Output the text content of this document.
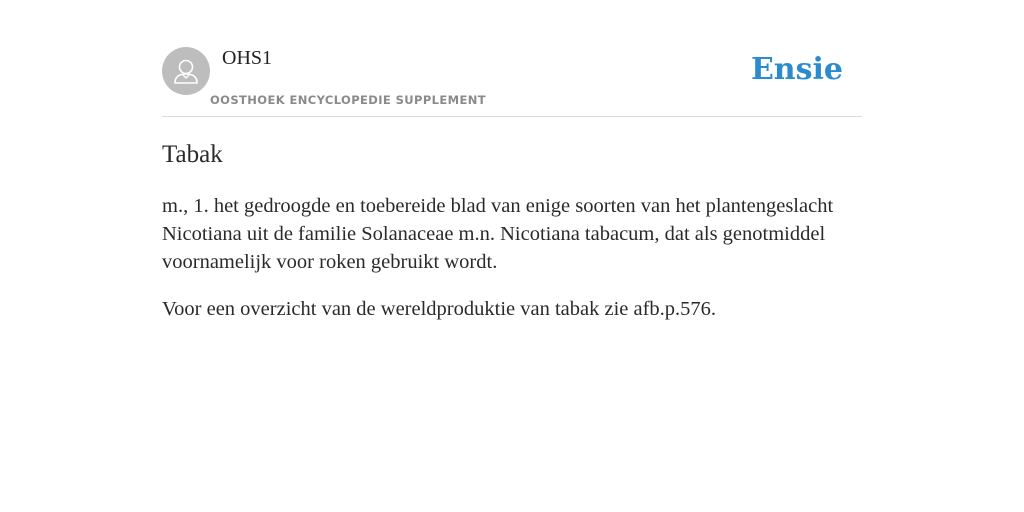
OHS1
OOSTHOEK ENCYCLOPEDIE SUPPLEMENT
Ensie
Tabak

m., 1. het gedroogde en toebereide blad van enige soorten van het plantengeslacht Nicotiana uit de familie Solanaceae m.n. Nicotiana tabacum, dat als genotmiddel voornamelijk voor roken gebruikt wordt.

Voor een overzicht van de wereldproduktie van tabak zie afb.p.576.
